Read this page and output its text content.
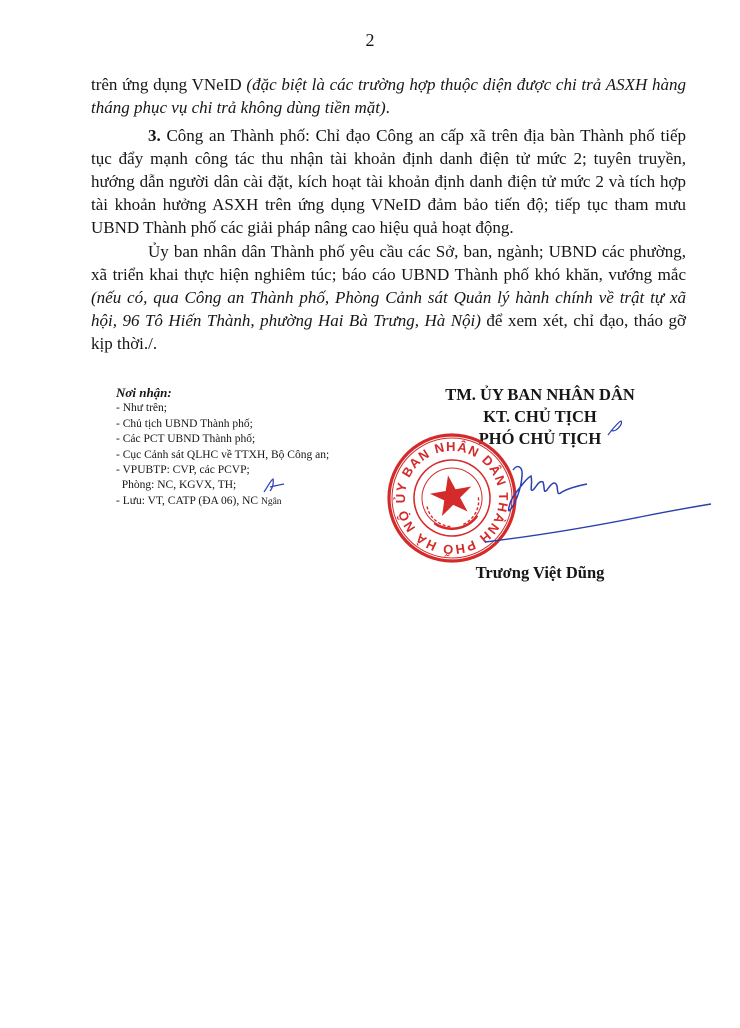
2
trên ứng dụng VNeID (đặc biệt là các trường hợp thuộc diện được chi trả ASXH hàng tháng phục vụ chi trả không dùng tiền mặt).
3. Công an Thành phố: Chỉ đạo Công an cấp xã trên địa bàn Thành phố tiếp tục đẩy mạnh công tác thu nhận tài khoản định danh điện tử mức 2; tuyên truyền, hướng dẫn người dân cài đặt, kích hoạt tài khoản định danh điện tử mức 2 và tích hợp tài khoản hưởng ASXH trên ứng dụng VNeID đảm bảo tiến độ; tiếp tục tham mưu UBND Thành phố các giải pháp nâng cao hiệu quả hoạt động.
Ủy ban nhân dân Thành phố yêu cầu các Sở, ban, ngành; UBND các phường, xã triển khai thực hiện nghiêm túc; báo cáo UBND Thành phố khó khăn, vướng mắc (nếu có, qua Công an Thành phố, Phòng Cảnh sát Quản lý hành chính về trật tự xã hội, 96 Tô Hiến Thành, phường Hai Bà Trưng, Hà Nội) để xem xét, chỉ đạo, tháo gỡ kịp thời./.
Nơi nhận:
- Như trên;
- Chủ tịch UBND Thành phố;
- Các PCT UBND Thành phố;
- Cục Cảnh sát QLHC về TTXH, Bộ Công an;
- VPUBTP: CVP, các PCVP;
Phòng: NC, KGVX, TH;
- Lưu: VT, CATP (ĐA 06), NC Ngân
TM. ỦY BAN NHÂN DÂN
KT. CHỦ TỊCH
PHÓ CHỦ TỊCH
ỦY BAN NHÂN DÂN THÀNH PHỐ HÀ NỘI
Trương Việt Dũng
